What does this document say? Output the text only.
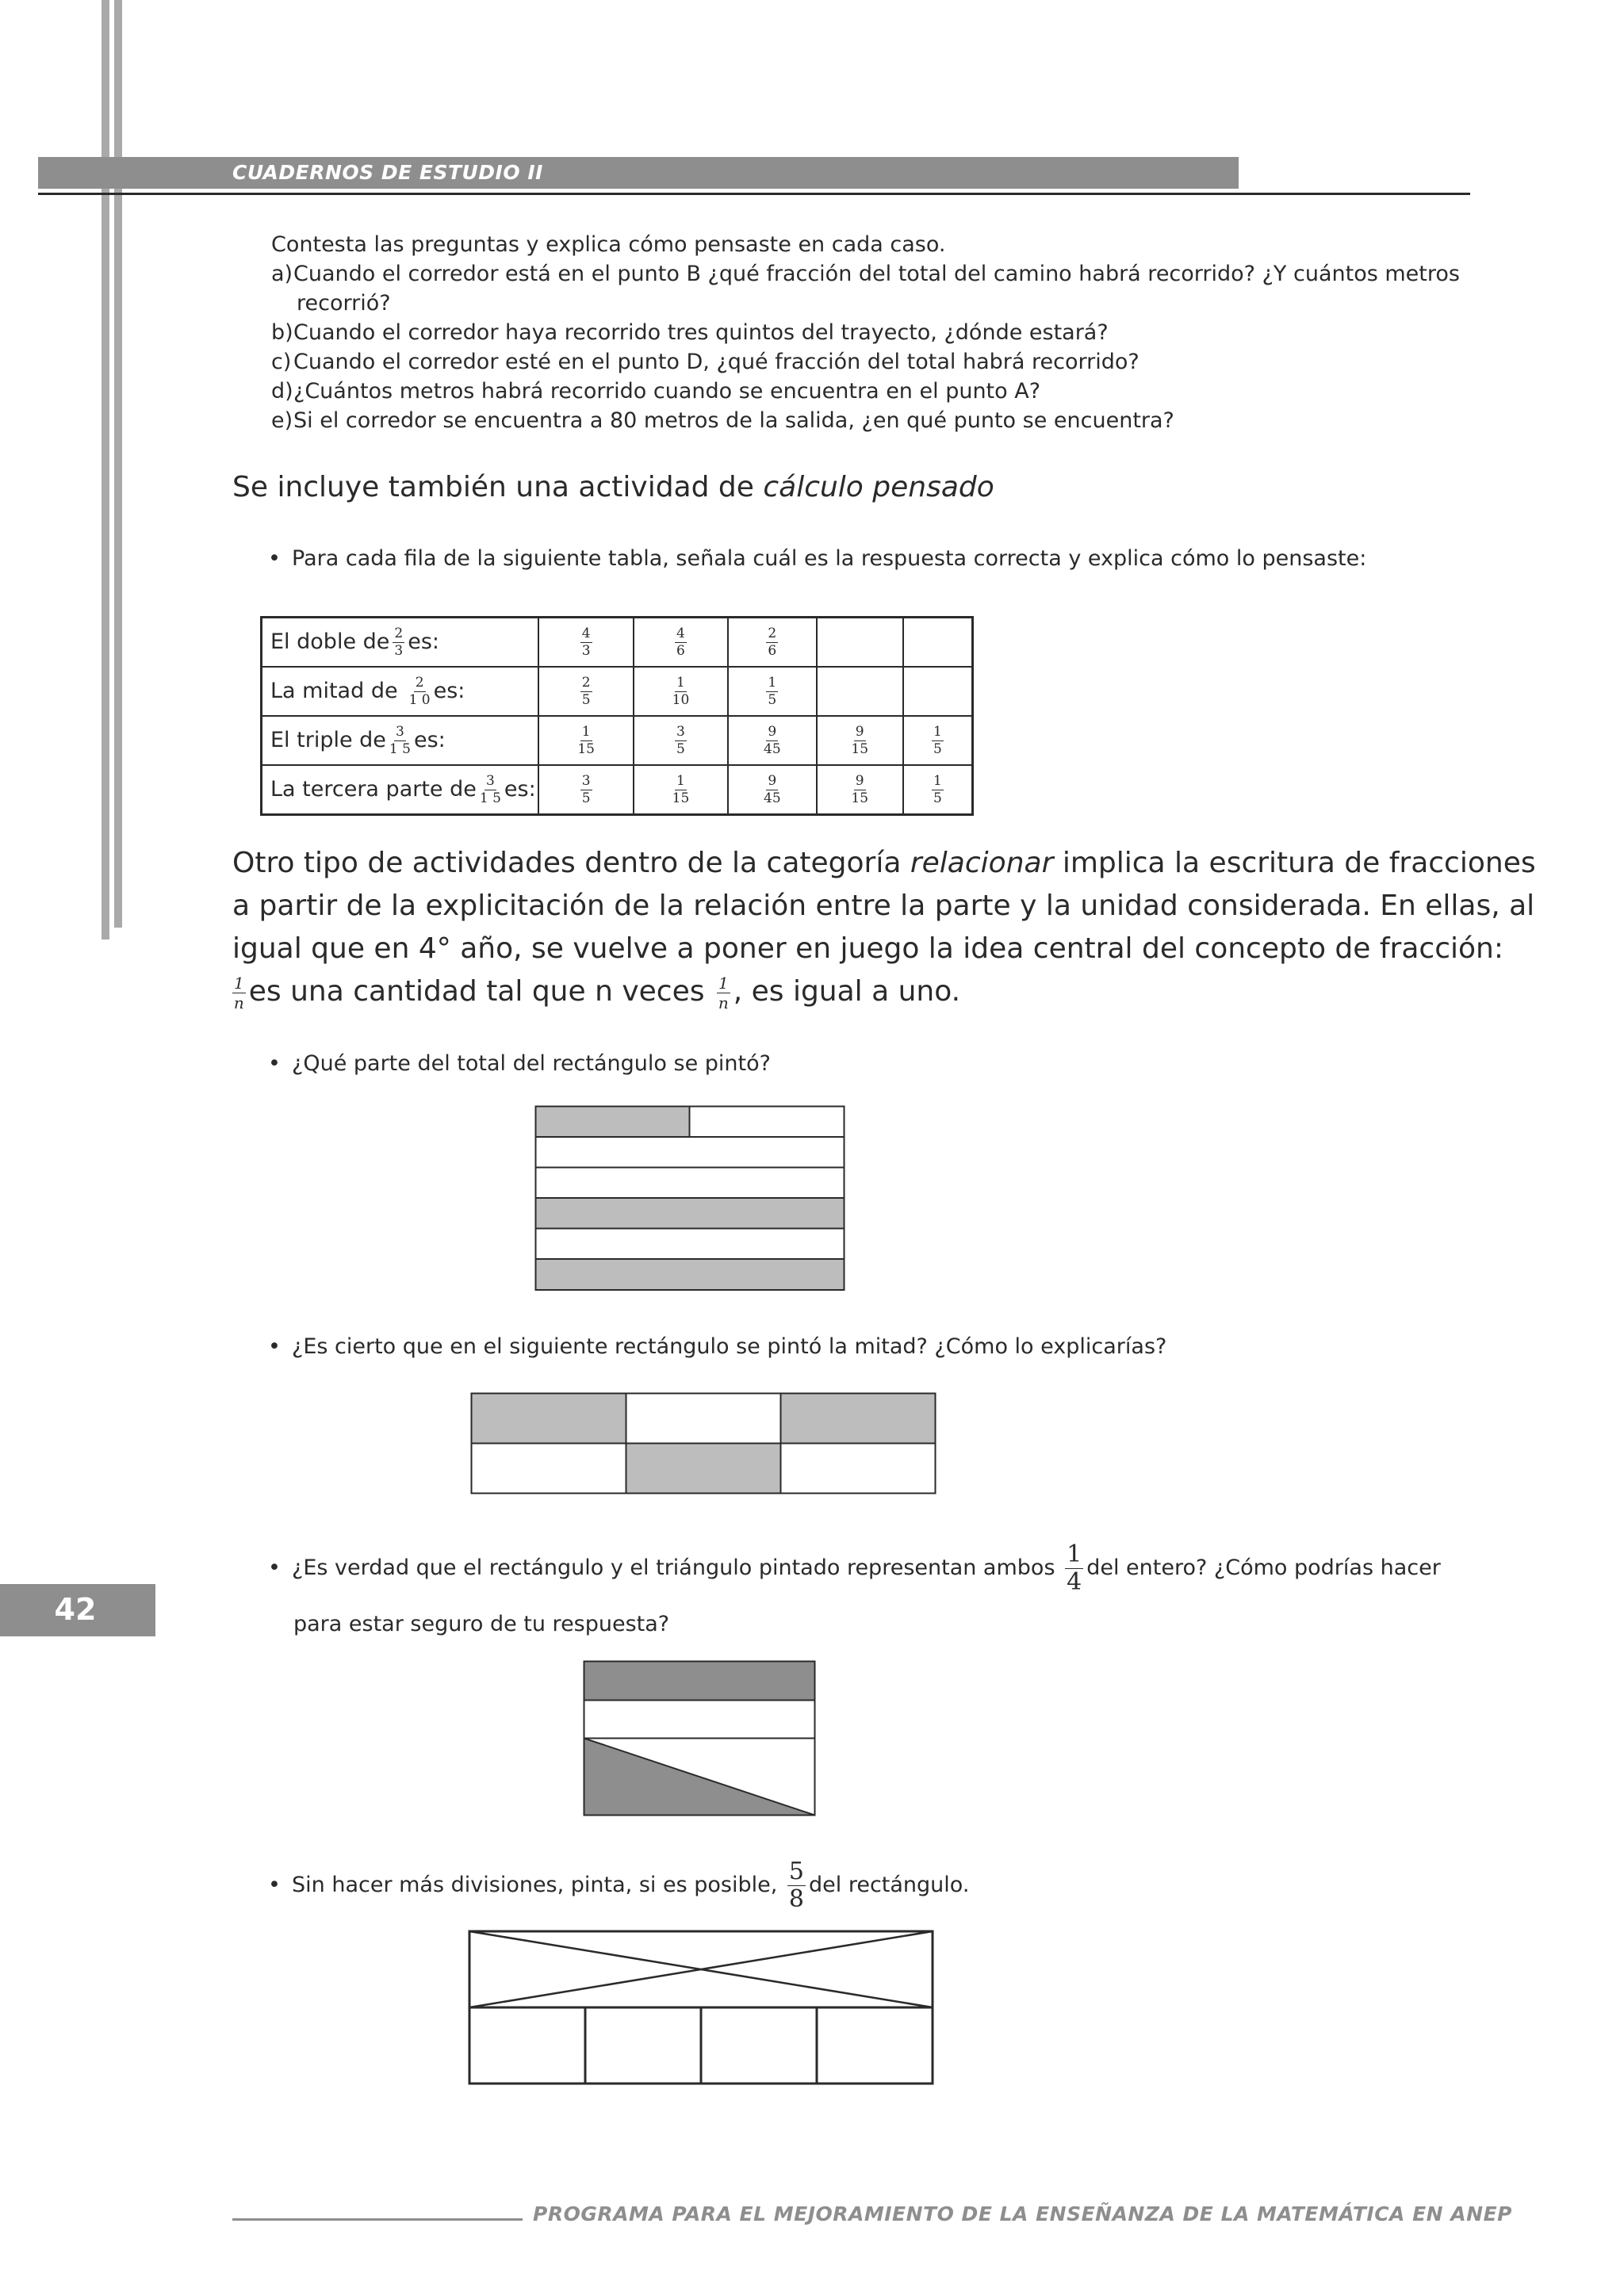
CUADERNOS DE ESTUDIO II
Contesta las preguntas y explica cómo pensaste en cada caso.
a)Cuando el corredor está en el punto B ¿qué fracción del total del camino habrá recorrido? ¿Y cuántos metros
recorrió?
b)Cuando el corredor haya recorrido tres quintos del trayecto, ¿dónde estará?
c)Cuando el corredor esté en el punto D, ¿qué fracción del total habrá recorrido?
d)¿Cuántos metros habrá recorrido cuando se encuentra en el punto A?
e)Si el corredor se encuentra a 80 metros de la salida, ¿en qué punto se encuentra?
Se incluye también una actividad de cálculo pensado
• Para cada fila de la siguiente tabla, señala cuál es la respuesta correcta y explica cómo lo pensaste:
El doble de $\frac{2}{3}$ es:	$\frac{4}{3}$	$\frac{4}{6}$	$\frac{2}{6}$

La mitad de $\frac{2}{1 0}$ es:	$\frac{2}{5}$	$\frac{1}{10}$	$\frac{1}{5}$

El triple de $\frac{3}{1 5}$ es:	$\frac{1}{15}$	$\frac{3}{5}$	$\frac{9}{45}$	$\frac{9}{15}$	$\frac{1}{5}$

La tercera parte de $\frac{3}{1 5}$ es:	$\frac{3}{5}$	$\frac{1}{15}$	$\frac{9}{45}$	$\frac{9}{15}$	$\frac{1}{5}$
Otro tipo de actividades dentro de la categoría relacionar implica la escritura de fracciones
a partir de la explicitación de la relación entre la parte y la unidad considerada. En ellas, al
igual que en 4° año, se vuelve a poner en juego la idea central del concepto de fracción:
$\frac{1}{n}$ es una cantidad tal que n veces $\frac{1}{n}$ , es igual a uno.
• ¿Qué parte del total del rectángulo se pintó?
• ¿Es cierto que en el siguiente rectángulo se pintó la mitad? ¿Cómo lo explicarías?
• ¿Es verdad que el rectángulo y el triángulo pintado representan ambos $\frac{1}{4}$ del entero? ¿Cómo podrías hacer
para estar seguro de tu respuesta?
• Sin hacer más divisiones, pinta, si es posible, $\frac{5}{8}$ del rectángulo.
42
PROGRAMA PARA EL MEJORAMIENTO DE LA ENSEÑANZA DE LA MATEMÁTICA EN ANEP
